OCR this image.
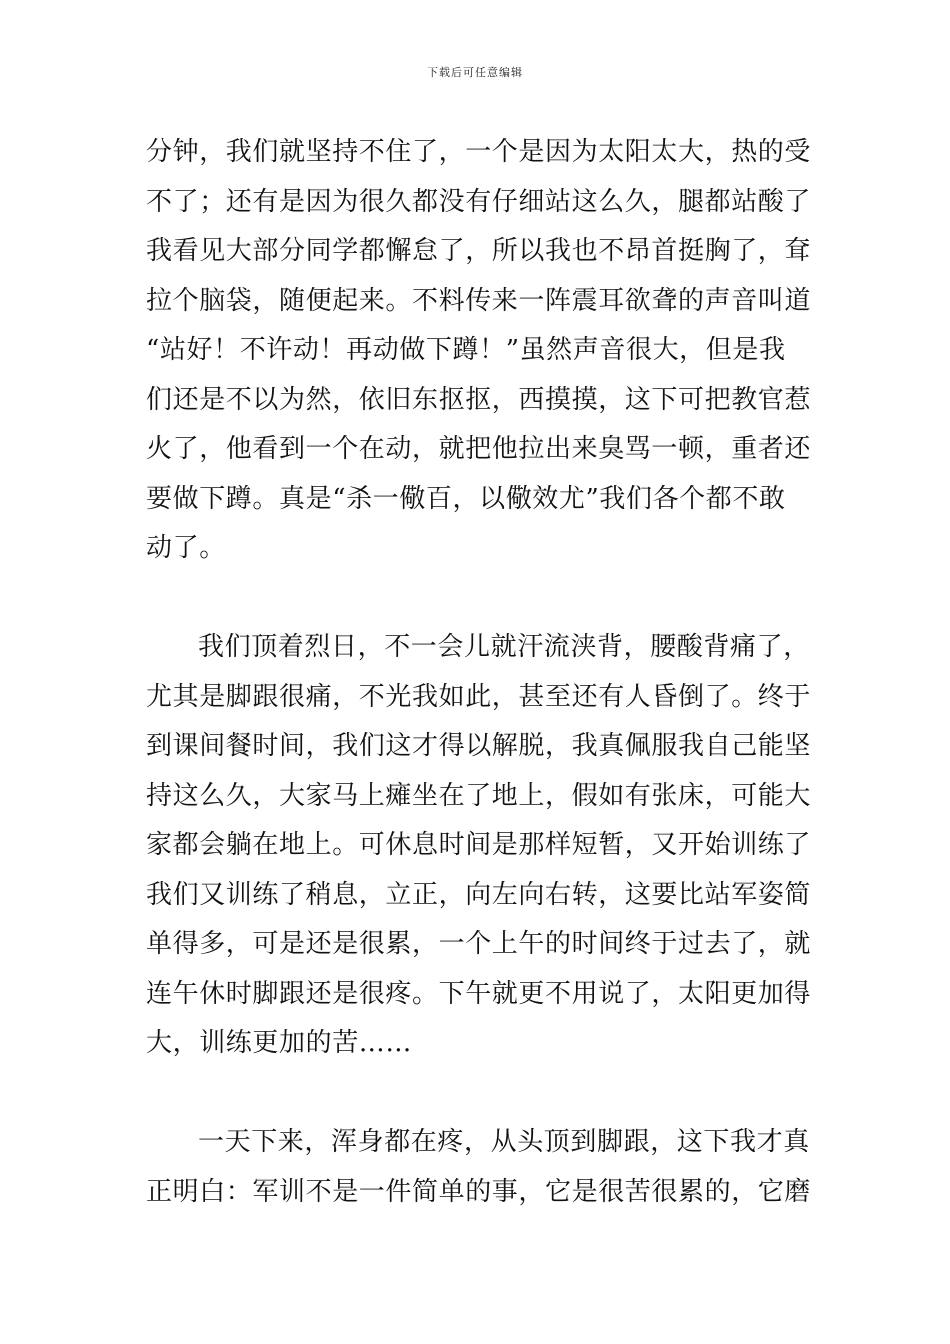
下载后可任意编辑
分钟，我们就坚持不住了，一个是因为太阳太大，热的受
不了；还有是因为很久都没有仔细站这么久，腿都站酸了
我看见大部分同学都懈怠了，所以我也不昂首挺胸了，耷
拉个脑袋，随便起来。不料传来一阵震耳欲聋的声音叫道
“站好！不许动！再动做下蹲！”虽然声音很大，但是我
们还是不以为然，依旧东抠抠，西摸摸，这下可把教官惹
火了，他看到一个在动，就把他拉出来臭骂一顿，重者还
要做下蹲。真是“杀一儆百，以儆效尤”我们各个都不敢
动了。
我们顶着烈日，不一会儿就汗流浃背，腰酸背痛了，
尤其是脚跟很痛，不光我如此，甚至还有人昏倒了。终于
到课间餐时间，我们这才得以解脱，我真佩服我自己能坚
持这么久，大家马上瘫坐在了地上，假如有张床，可能大
家都会躺在地上。可休息时间是那样短暂，又开始训练了
我们又训练了稍息，立正，向左向右转，这要比站军姿简
单得多，可是还是很累，一个上午的时间终于过去了，就
连午休时脚跟还是很疼。下午就更不用说了，太阳更加得
大，训练更加的苦……
一天下来，浑身都在疼，从头顶到脚跟，这下我才真
正明白：军训不是一件简单的事，它是很苦很累的，它磨
